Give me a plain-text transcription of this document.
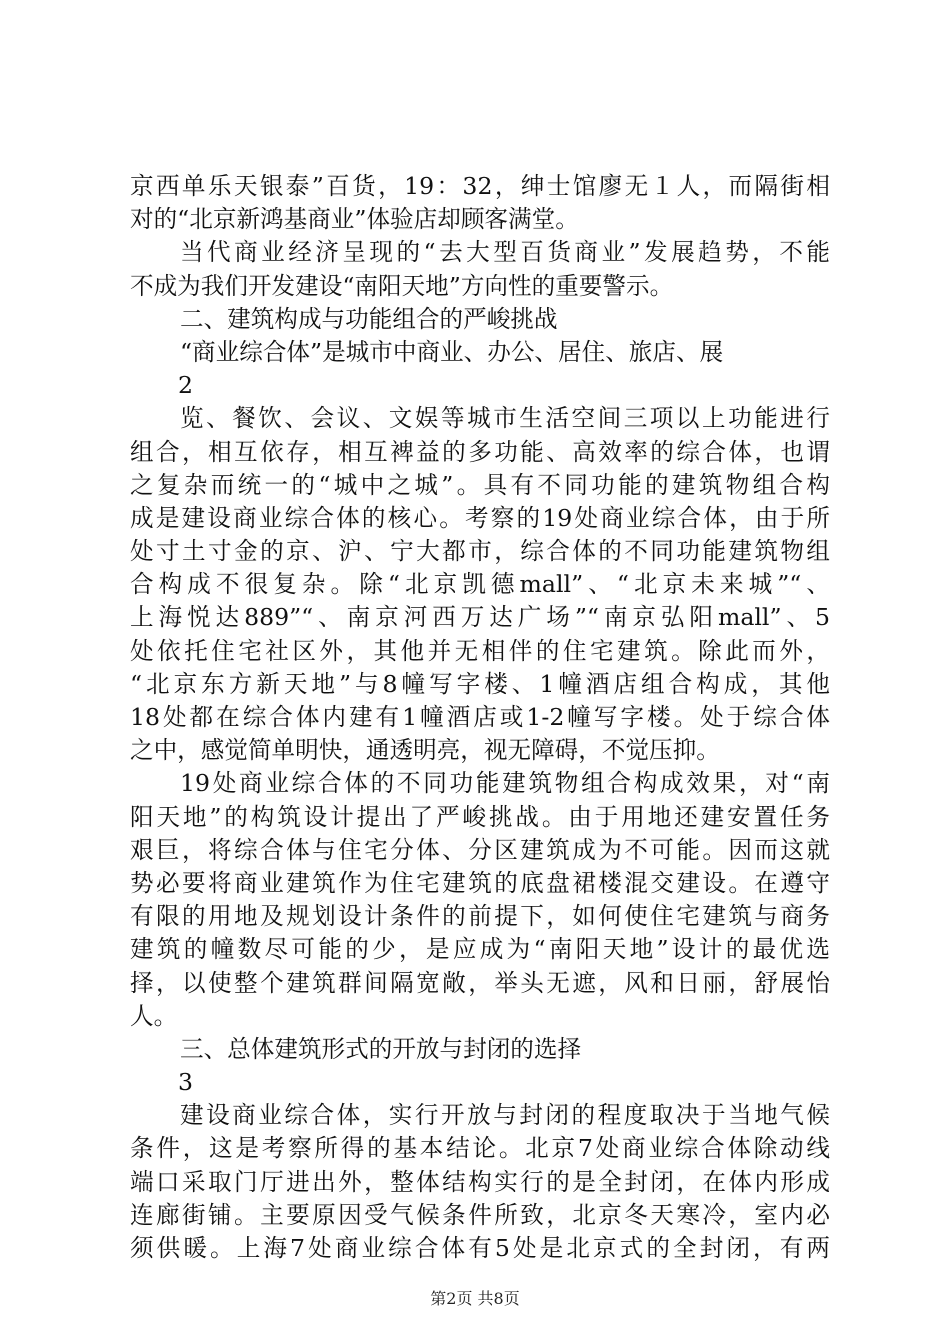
京西单乐天银泰”百货，19：32，绅士馆廖无１人，而隔街相
对的“北京新鸿基商业”体验店却顾客满堂。
当代商业经济呈现的“去大型百货商业”发展趋势，不能
不成为我们开发建设“南阳天地”方向性的重要警示。
二、建筑构成与功能组合的严峻挑战
“商业综合体”是城市中商业、办公、居住、旅店、展
2
览、餐饮、会议、文娱等城市生活空间三项以上功能进行
组合，相互依存，相互裨益的多功能、高效率的综合体，也谓
之复杂而统一的“城中之城”。具有不同功能的建筑物组合构
成是建设商业综合体的核心。考察的19处商业综合体，由于所
处寸土寸金的京、沪、宁大都市，综合体的不同功能建筑物组
合构成不很复杂。除“北京凯德mall”、“北京未来城”“、
上海悦达889”“、南京河西万达广场”“南京弘阳mall”、5
处依托住宅社区外，其他并无相伴的住宅建筑。除此而外，
“北京东方新天地”与8幢写字楼、1幢酒店组合构成，其他
18处都在综合体内建有1幢酒店或1-2幢写字楼。处于综合体
之中，感觉简单明快，通透明亮，视无障碍，不觉压抑。
19处商业综合体的不同功能建筑物组合构成效果，对“南
阳天地”的构筑设计提出了严峻挑战。由于用地还建安置任务
艰巨，将综合体与住宅分体、分区建筑成为不可能。因而这就
势必要将商业建筑作为住宅建筑的底盘裙楼混交建设。在遵守
有限的用地及规划设计条件的前提下，如何使住宅建筑与商务
建筑的幢数尽可能的少，是应成为“南阳天地”设计的最优选
择，以使整个建筑群间隔宽敞，举头无遮，风和日丽，舒展怡
人。
三、总体建筑形式的开放与封闭的选择
3
建设商业综合体，实行开放与封闭的程度取决于当地气候
条件，这是考察所得的基本结论。北京7处商业综合体除动线
端口采取门厅进出外，整体结构实行的是全封闭，在体内形成
连廊街铺。主要原因受气候条件所致，北京冬天寒冷，室内必
须供暖。上海7处商业综合体有5处是北京式的全封闭，有两
第2页 共8页
